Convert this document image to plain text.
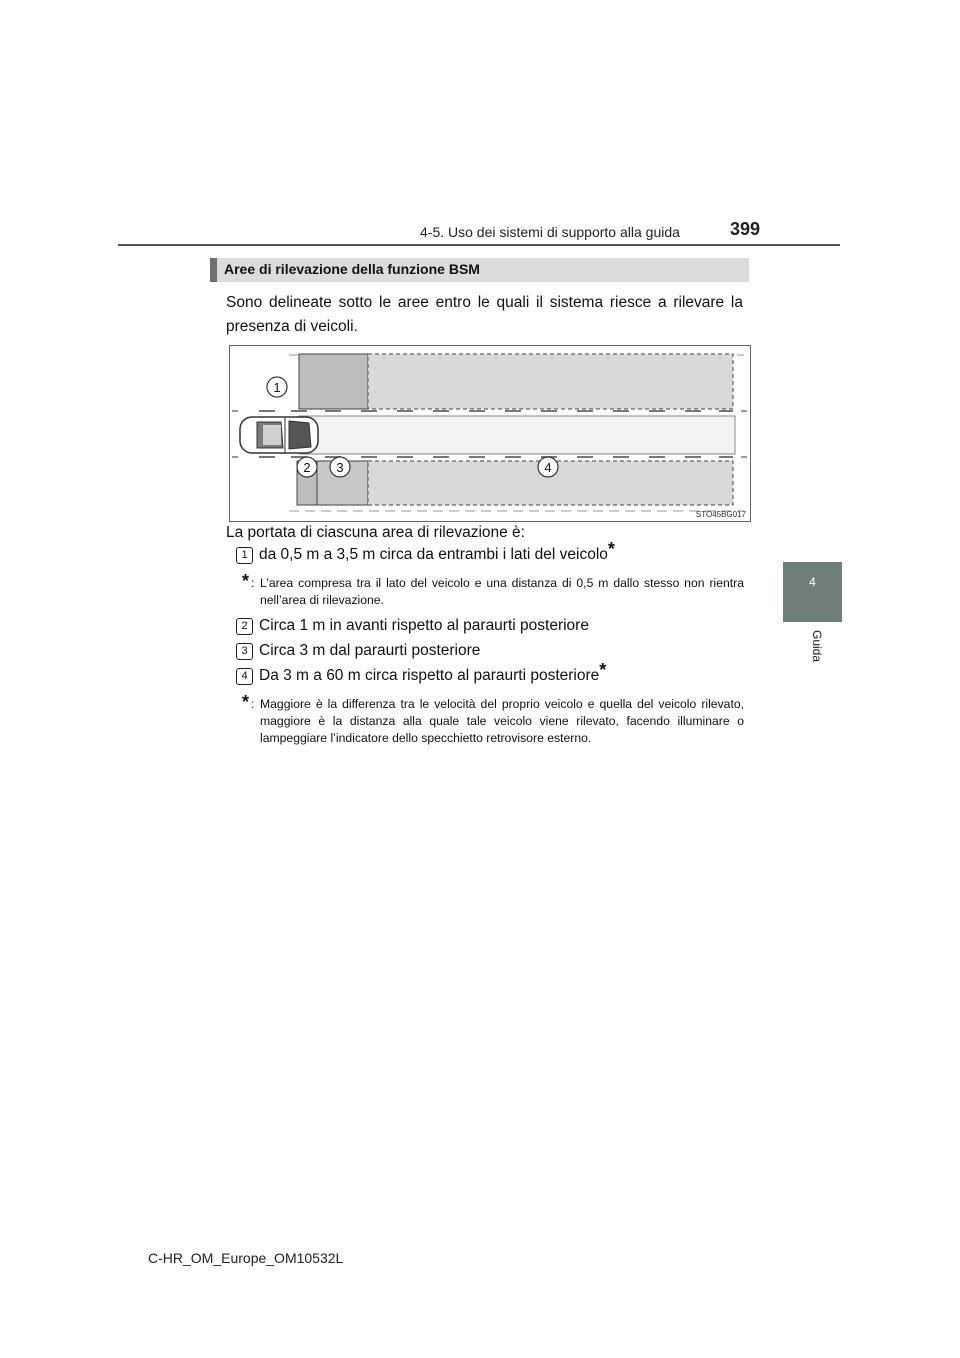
4-5. Uso dei sistemi di supporto alla guida	399
4
Guida
Aree di rilevazione della funzione BSM
Sono delineate sotto le aree entro le quali il sistema riesce a rilevare la presenza di veicoli.
1
2 3	4
STO45BG017
La portata di ciascuna area di rilevazione è:
1 da 0,5 m a 3,5 m circa da entrambi i lati del veicolo*
* : L’area compresa tra il lato del veicolo e una distanza di 0,5 m dallo stesso non rientra nell’area di rilevazione.
2 Circa 1 m in avanti rispetto al paraurti posteriore
3 Circa 3 m dal paraurti posteriore
4 Da 3 m a 60 m circa rispetto al paraurti posteriore*
* : Maggiore è la differenza tra le velocità del proprio veicolo e quella del veicolo rilevato, maggiore è la distanza alla quale tale veicolo viene rilevato, facendo illuminare o lampeggiare l’indicatore dello specchietto retrovisore esterno.
C-HR_OM_Europe_OM10532L
